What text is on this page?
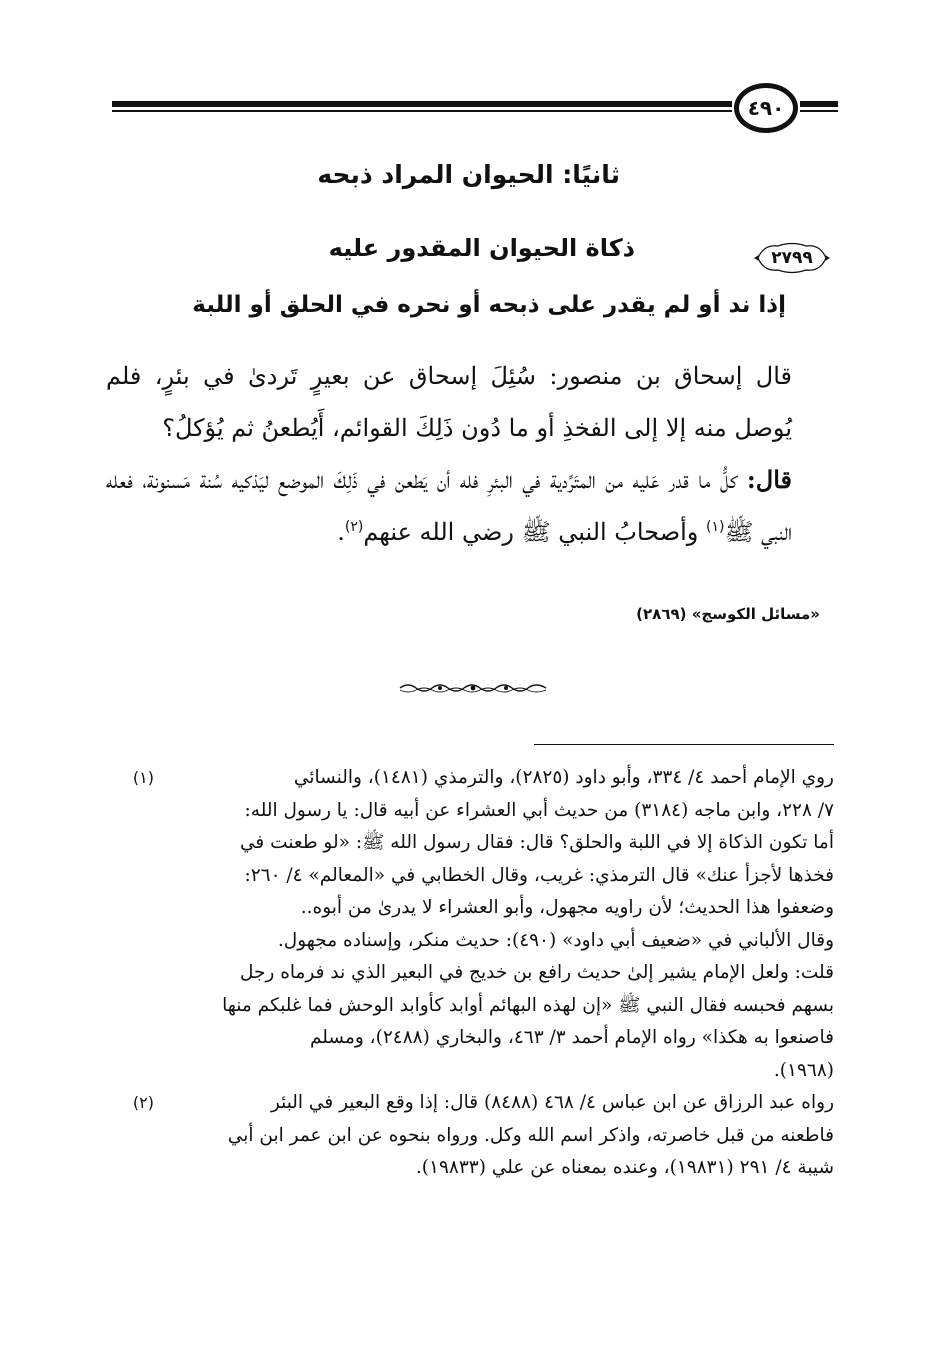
٤٩٠
ثانيًا: الحيوان المراد ذبحه
٢٧٩٩
ذكاة الحيوان المقدور عليه
إذا ند أو لم يقدر على ذبحه أو نحره في الحلق أو اللبة

قال إسحاق بن منصور: سُئِلَ إسحاق عن بعيرٍ تَردىٰ في بئرٍ، فلم يُوصل منه إلا إلى الفخذِ أو ما دُون ذَلِكَ القوائم، أَيُطعنُ ثم يُؤكلُ؟

قال: كلُّ ما قدر عَليه من المتَرِّدية في البئرِ فله أن يَطعن في ذَلِكَ الموضع ليَذكيه سُنة مَسنونة، فعله النبي ﷺ$^{(١)}$ وأصحابُ النبي ﷺ رضي الله عنهم$^{(٢)}$.

«مسائل الكوسج» (٢٨٦٩)
(١)	روي الإمام أحمد ٤/ ٣٣٤، وأبو داود (٢٨٢٥)، والترمذي (١٤٨١)، والنسائي
٧/ ٢٢٨، وابن ماجه (٣١٨٤) من حديث أبي العشراء عن أبيه قال: يا رسول الله:
أما تكون الذكاة إلا في اللبة والحلق؟ قال: فقال رسول الله ﷺ: «لو طعنت في
فخذها لأجزأ عنك» قال الترمذي: غريب، وقال الخطابي في «المعالم» ٤/ ٢٦٠:
وضعفوا هذا الحديث؛ لأن راويه مجهول، وأبو العشراء لا يدرىٰ من أبوه..
وقال الألباني في «ضعيف أبي داود» (٤٩٠): حديث منكر، وإسناده مجهول.
قلت: ولعل الإمام يشير إلىٰ حديث رافع بن خديج في البعير الذي ند فرماه رجل
بسهم فحبسه فقال النبي ﷺ «إن لهذه البهائم أوابد كأوابد الوحش فما غلبكم منها
فاصنعوا به هكذا» رواه الإمام أحمد ٣/ ٤٦٣، والبخاري (٢٤٨٨)، ومسلم
(١٩٦٨).
(٢)	رواه عبد الرزاق عن ابن عباس ٤/ ٤٦٨ (٨٤٨٨) قال: إذا وقع البعير في البئر
فاطعنه من قبل خاصرته، واذكر اسم الله وكل. ورواه بنحوه عن ابن عمر ابن أبي
شيبة ٤/ ٢٩١ (١٩٨٣١)، وعنده بمعناه عن علي (١٩٨٣٣).
